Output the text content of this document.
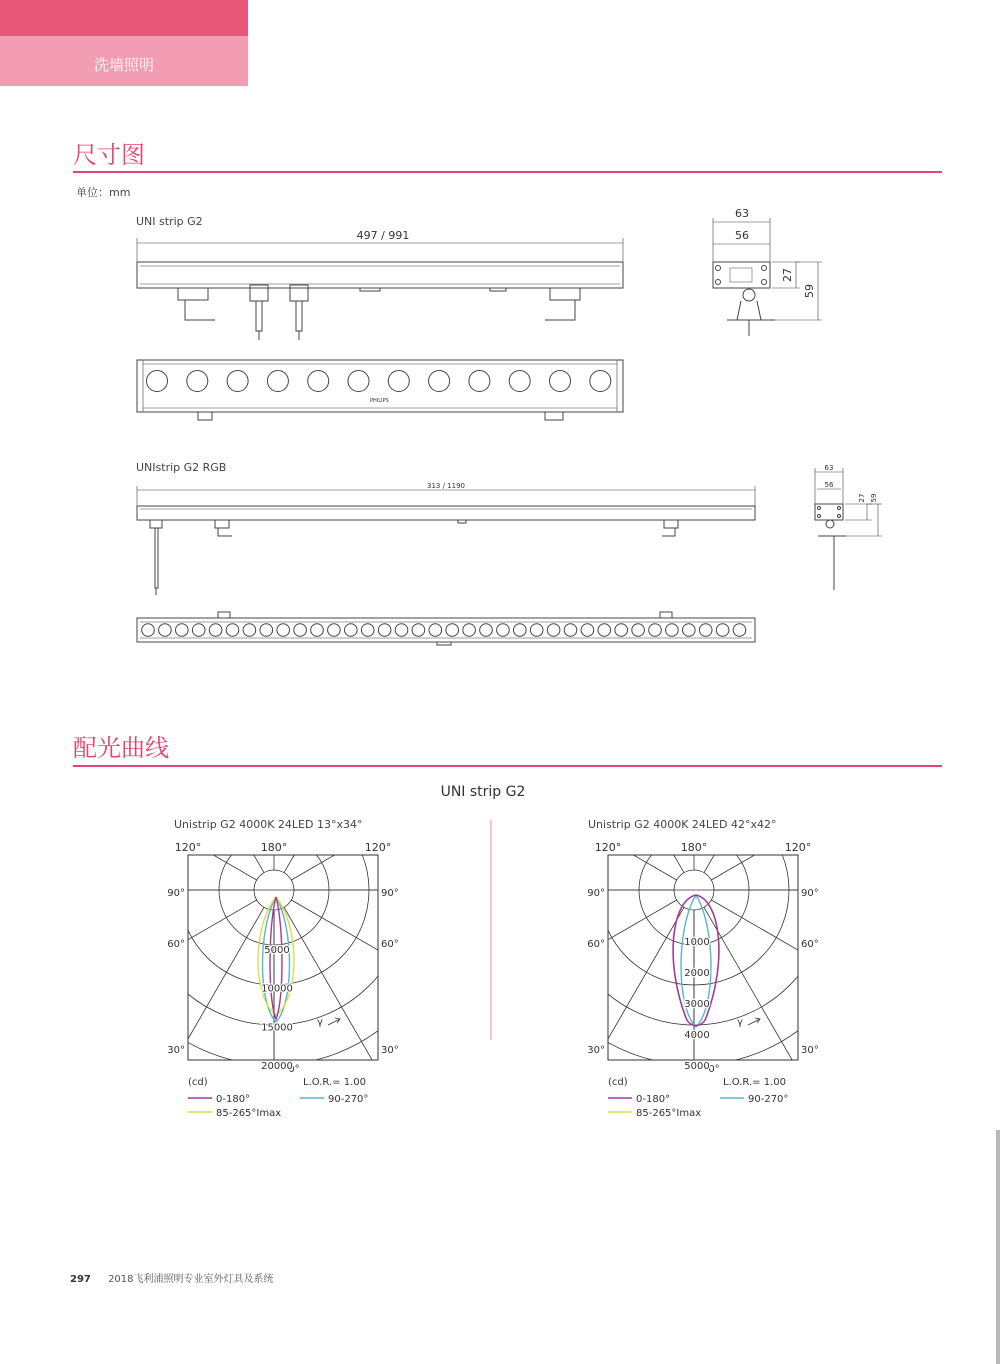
洗墙照明
尺寸图
单位：mm
UNI strip G2
UNIstrip G2 RGB
PHILIPS
497 / 991
63
56
27
59
313 / 1190
63
56
27 59
配光曲线
UNI strip G2
Unistrip G2 4000K 24LED 13°x34°	Unistrip G2 4000K 24LED 42°x42°
120°	180°	120°
90°
60°
30°
90°
60°
30°
0°
5000
10000
15000
20000
γ
(cd)	L.O.R.= 1.00
0-180°	90-270°
85-265°Imax
120°	180°	120°
90°
60°
30°
90°
60°
30°
0°
1000
2000
3000
4000
5000
γ
(cd)	L.O.R.= 1.00
0-180°	90-270°
85-265°Imax
297 2018飞利浦照明专业室外灯具及系统
